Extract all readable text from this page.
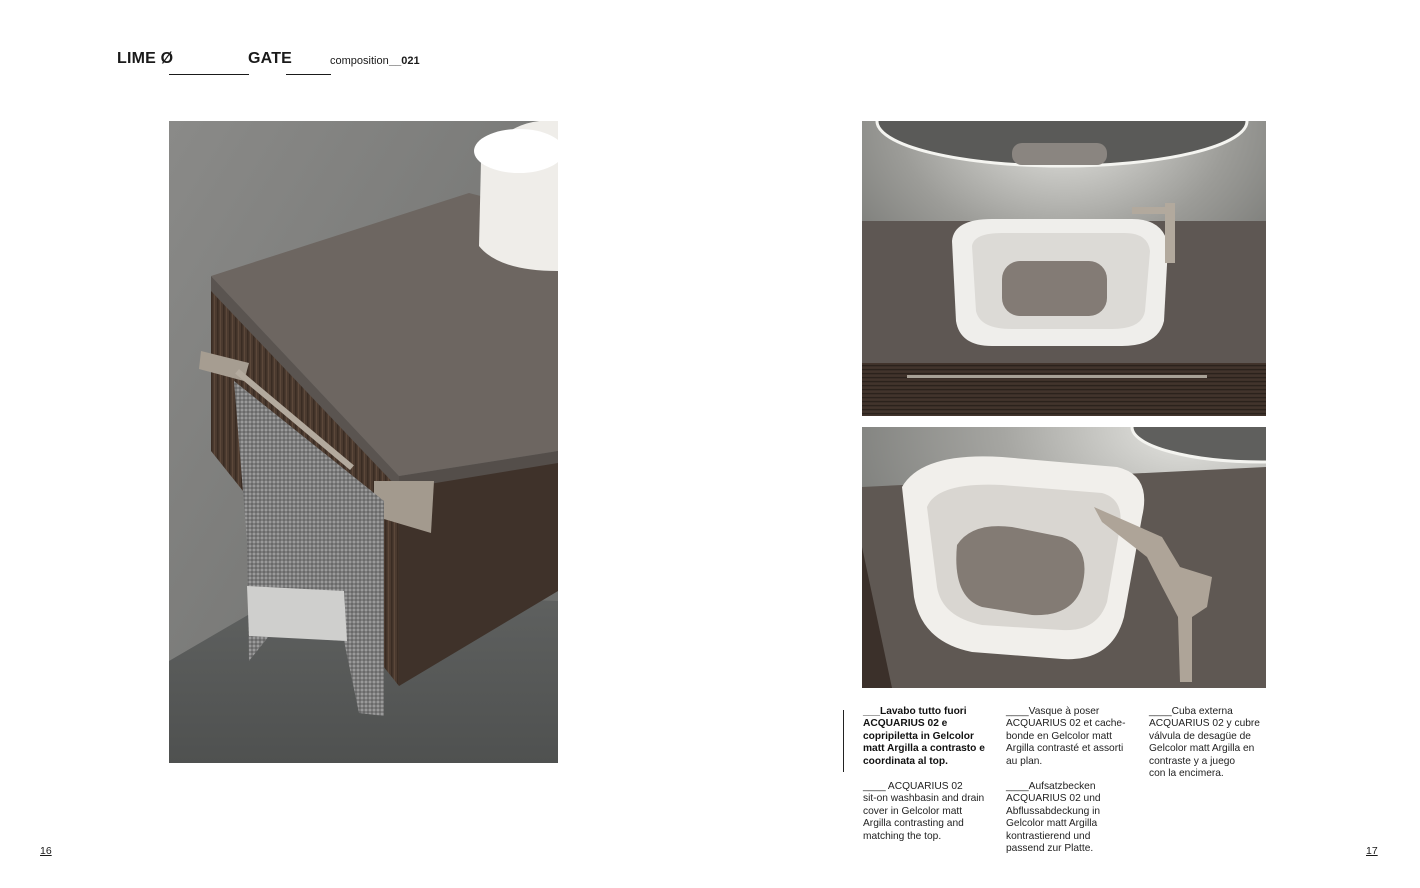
LIME Ø	GATE	composition __021
___Lavabo tutto fuori
ACQUARIUS 02 e
copripiletta in Gelcolor
matt Argilla a contrasto e
coordinata al top.
____ ACQUARIUS 02
sit-on washbasin and drain
cover in Gelcolor matt
Argilla contrasting and
matching the top.
____Vasque à poser
ACQUARIUS 02 et cache-
bonde en Gelcolor matt
Argilla contrasté et assorti
au plan.
____Aufsatzbecken
ACQUARIUS 02 und
Abflussabdeckung in
Gelcolor matt Argilla
kontrastierend und
passend zur Platte.
____Cuba externa
ACQUARIUS 02 y cubre
válvula de desagüe de
Gelcolor matt Argilla en
contraste y a juego
con la encimera.
16	17
